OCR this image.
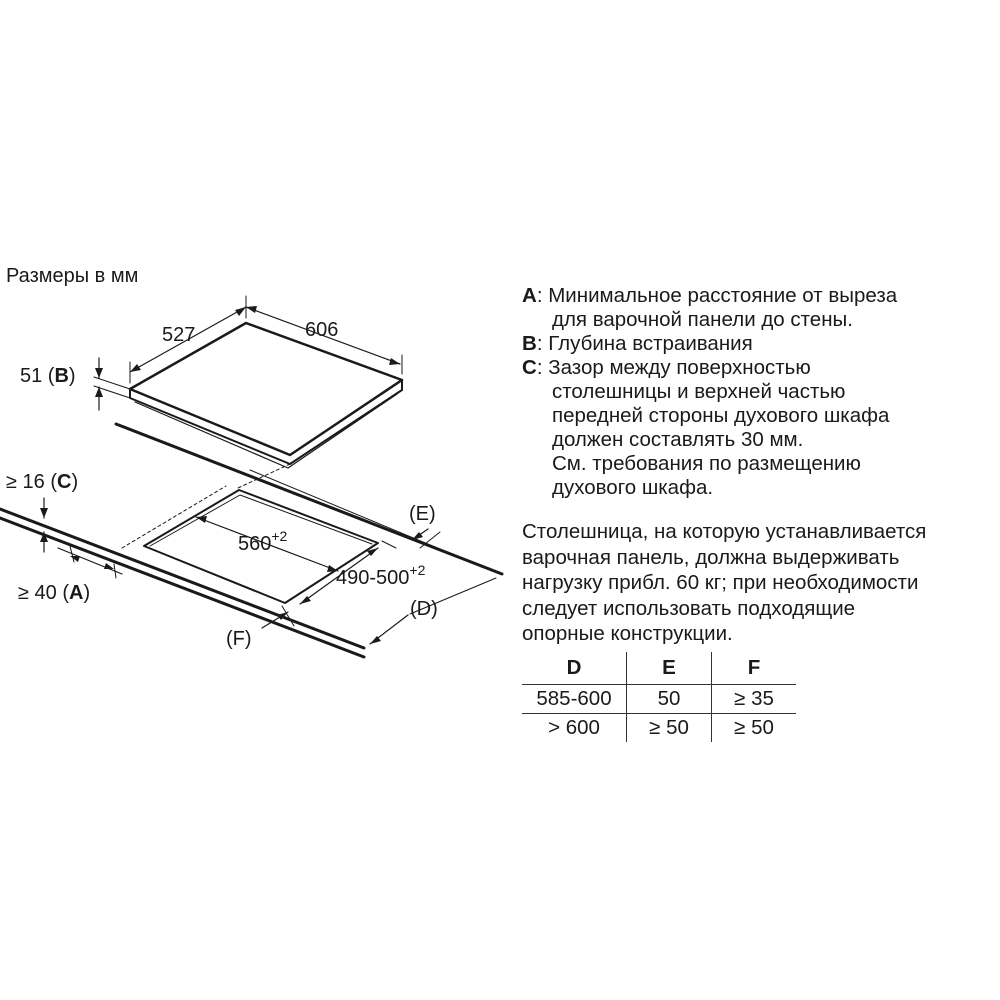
Размеры в мм
606
527
51 (B)
≥ 16 (C)
≥ 40 (A)
$560^{+2}$
$490-500^{+2}$
(E)
(D)
(F)
A : Минимальное расстояние от выреза
для варочной панели до стены.
B : Глубина встраивания
C : Зазор между поверхностью
столешницы и верхней частью
передней стороны духового шкафа
должен составлять 30 мм.
См. требования по размещению
духового шкафа.
Столешница, на которую устанавливается
варочная панель, должна выдерживать
нагрузку прибл. 60 кг; при необходимости
следует использовать подходящие
опорные конструкции.
D	E	F
585-600	50	≥ 35
> 600	≥ 50	≥ 50
